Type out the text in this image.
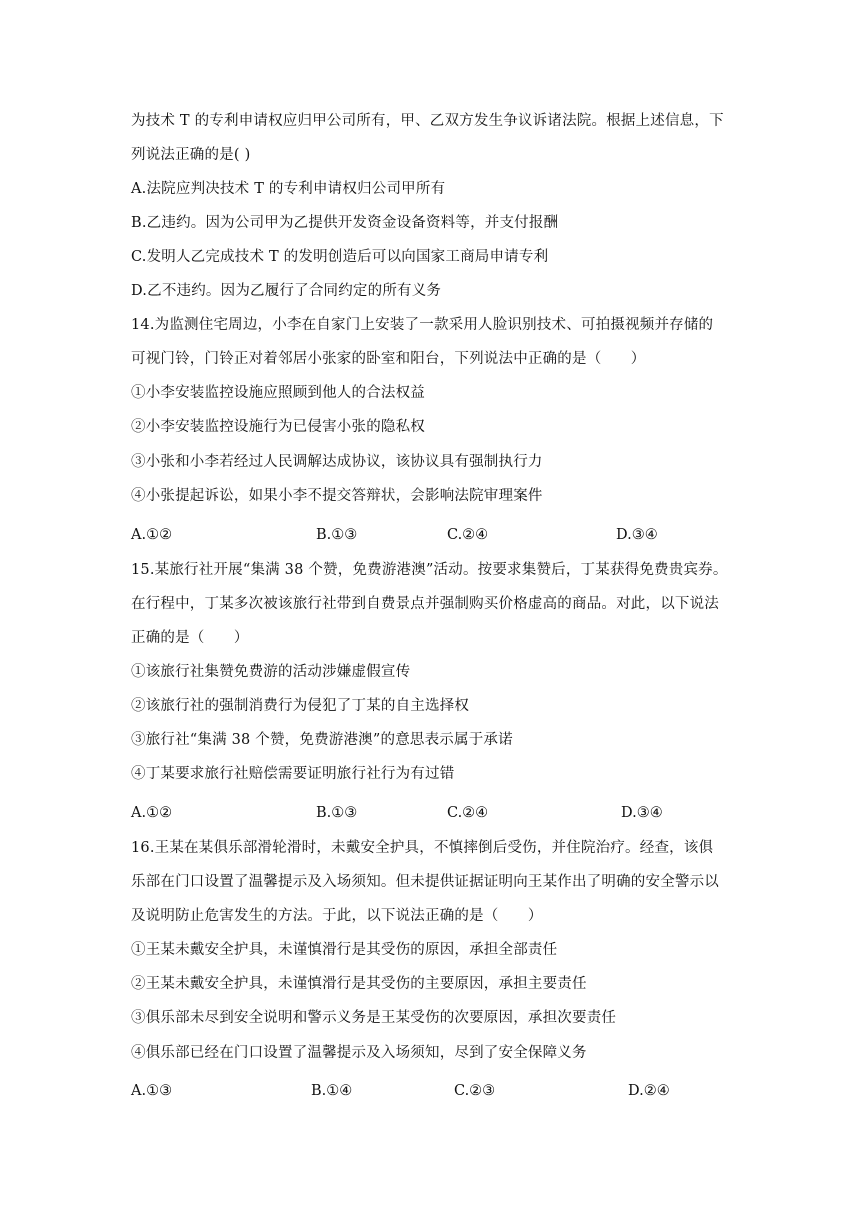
为技术 T 的专利申请权应归甲公司所有，甲、乙双方发生争议诉诸法院。根据上述信息，下
列说法正确的是( )
A.法院应判决技术 T 的专利申请权归公司甲所有
B.乙违约。因为公司甲为乙提供开发资金设备资料等，并支付报酬
C.发明人乙完成技术 T 的发明创造后可以向国家工商局申请专利
D.乙不违约。因为乙履行了合同约定的所有义务
14.为监测住宅周边，小李在自家门上安装了一款采用人脸识别技术、可拍摄视频并存储的
可视门铃，门铃正对着邻居小张家的卧室和阳台，下列说法中正确的是（　　）
①小李安装监控设施应照顾到他人的合法权益
②小李安装监控设施行为已侵害小张的隐私权
③小张和小李若经过人民调解达成协议，该协议具有强制执行力
④小张提起诉讼，如果小李不提交答辩状，会影响法院审理案件
A.①②	B.①③	C.②④	D.③④
15.某旅行社开展“集满 38 个赞，免费游港澳”活动。按要求集赞后，丁某获得免费贵宾券。
在行程中，丁某多次被该旅行社带到自费景点并强制购买价格虚高的商品。对此，以下说法
正确的是（　　）
①该旅行社集赞免费游的活动涉嫌虚假宣传
②该旅行社的强制消费行为侵犯了丁某的自主选择权
③旅行社“集满 38 个赞，免费游港澳”的意思表示属于承诺
④丁某要求旅行社赔偿需要证明旅行社行为有过错
A.①②	B.①③	C.②④	D.③④
16.王某在某俱乐部滑轮滑时，未戴安全护具，不慎摔倒后受伤，并住院治疗。经查，该俱
乐部在门口设置了温馨提示及入场须知。但未提供证据证明向王某作出了明确的安全警示以
及说明防止危害发生的方法。于此，以下说法正确的是（　　）
①王某未戴安全护具，未谨慎滑行是其受伤的原因，承担全部责任
②王某未戴安全护具，未谨慎滑行是其受伤的主要原因，承担主要责任
③俱乐部未尽到安全说明和警示义务是王某受伤的次要原因，承担次要责任
④俱乐部已经在门口设置了温馨提示及入场须知，尽到了安全保障义务
A.①③	B.①④	C.②③	D.②④
